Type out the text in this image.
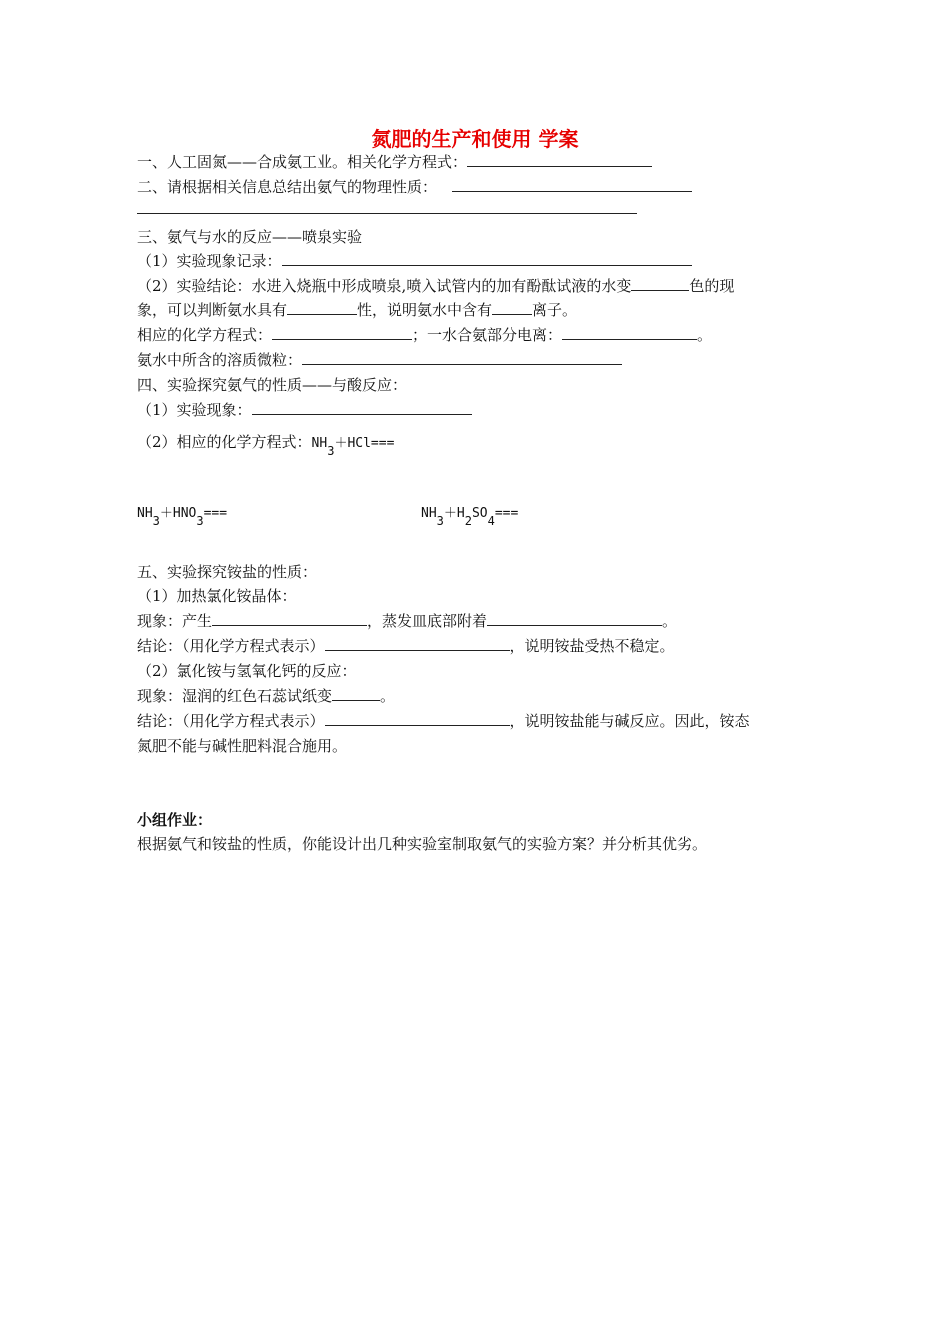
氮肥的生产和使用 学案
一、人工固氮——合成氨工业。相关化学方程式：
二、请根据相关信息总结出氨气的物理性质：
三、氨气与水的反应——喷泉实验
（1）实验现象记录：
（2）实验结论：水进入烧瓶中形成喷泉,喷入试管内的加有酚酞试液的水变	色的现
象，可以判断氨水具有	性，说明氨水中含有	离子。
相应的化学方程式：	；一水合氨部分电离：	。
氨水中所含的溶质微粒：
四、实验探究氨气的性质——与酸反应：
（1）实验现象：
（2）相应的化学方程式：NH3＋HCl===
NH3＋HNO3===	NH3＋H2SO4===
五、实验探究铵盐的性质：
（1）加热氯化铵晶体：
现象：产生	，蒸发皿底部附着	。
结论：（用化学方程式表示）	，说明铵盐受热不稳定。
（2）氯化铵与氢氧化钙的反应：
现象：湿润的红色石蕊试纸变	。
结论：（用化学方程式表示）	，说明铵盐能与碱反应。因此，铵态
氮肥不能与碱性肥料混合施用。
小组作业：
根据氨气和铵盐的性质，你能设计出几种实验室制取氨气的实验方案？并分析其优劣。
